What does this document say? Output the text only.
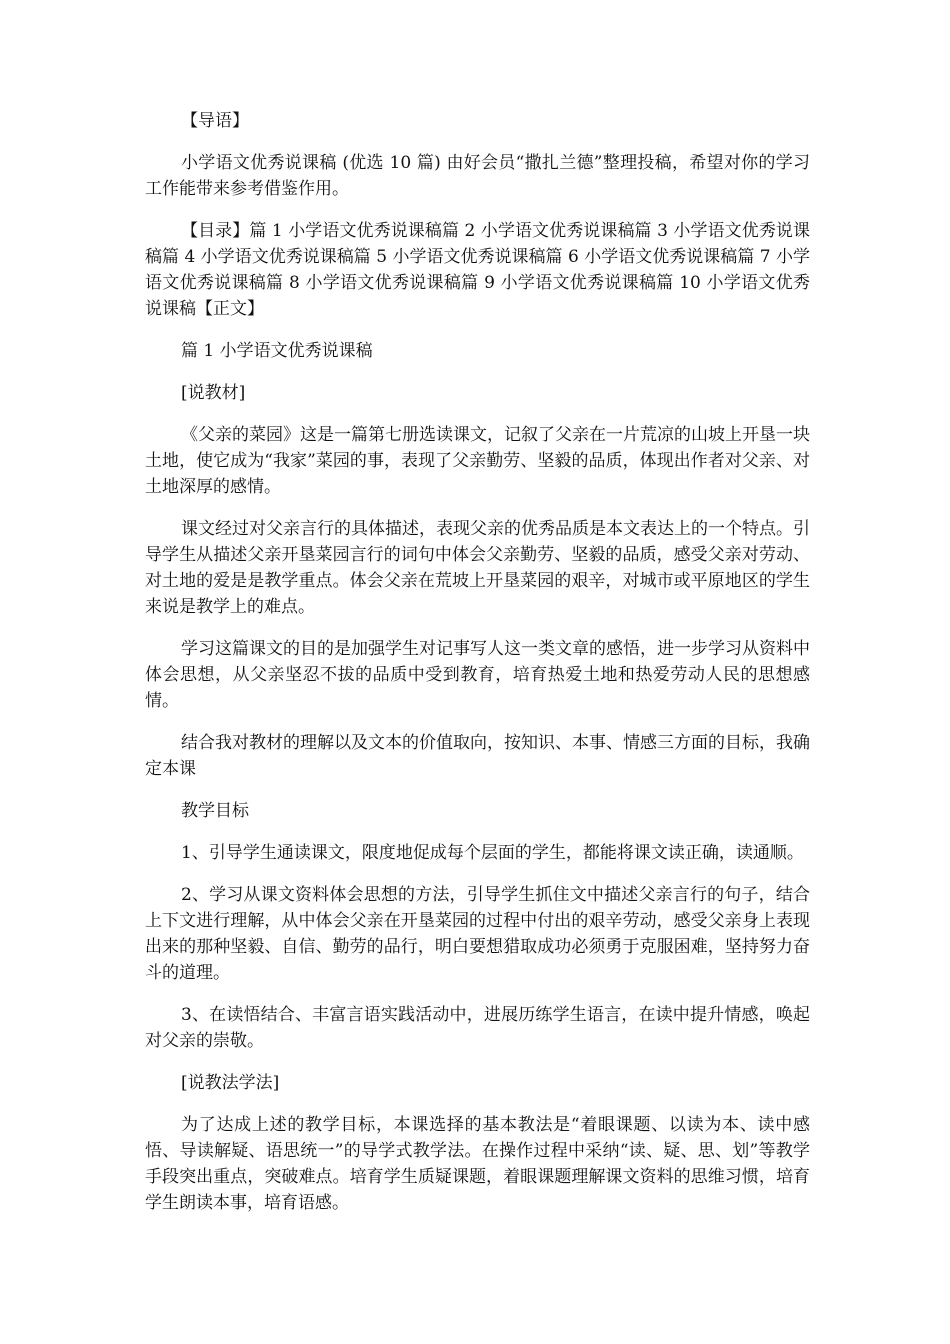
【导语】

小学语文优秀说课稿 (优选 10 篇) 由好会员“撒扎兰德”整理投稿，希望对你的学习工作能带来参考借鉴作用。

【目录】篇 1 小学语文优秀说课稿篇 2 小学语文优秀说课稿篇 3 小学语文优秀说课稿篇 4 小学语文优秀说课稿篇 5 小学语文优秀说课稿篇 6 小学语文优秀说课稿篇 7 小学语文优秀说课稿篇 8 小学语文优秀说课稿篇 9 小学语文优秀说课稿篇 10 小学语文优秀说课稿【正文】

篇 1 小学语文优秀说课稿

[说教材]

《父亲的菜园》这是一篇第七册选读课文，记叙了父亲在一片荒凉的山坡上开垦一块土地，使它成为“我家”菜园的事，表现了父亲勤劳、坚毅的品质，体现出作者对父亲、对土地深厚的感情。

课文经过对父亲言行的具体描述，表现父亲的优秀品质是本文表达上的一个特点。引导学生从描述父亲开垦菜园言行的词句中体会父亲勤劳、坚毅的品质，感受父亲对劳动、对土地的爱是是教学重点。体会父亲在荒坡上开垦菜园的艰辛，对城市或平原地区的学生来说是教学上的难点。

学习这篇课文的目的是加强学生对记事写人这一类文章的感悟，进一步学习从资料中体会思想，从父亲坚忍不拔的品质中受到教育，培育热爱土地和热爱劳动人民的思想感情。

结合我对教材的理解以及文本的价值取向，按知识、本事、情感三方面的目标，我确定本课

教学目标

1、引导学生通读课文，限度地促成每个层面的学生，都能将课文读正确，读通顺。

2、学习从课文资料体会思想的方法，引导学生抓住文中描述父亲言行的句子，结合上下文进行理解，从中体会父亲在开垦菜园的过程中付出的艰辛劳动，感受父亲身上表现出来的那种坚毅、自信、勤劳的品行，明白要想猎取成功必须勇于克服困难，坚持努力奋斗的道理。

3、在读悟结合、丰富言语实践活动中，进展历练学生语言，在读中提升情感，唤起对父亲的崇敬。

[说教法学法]

为了达成上述的教学目标，本课选择的基本教法是“着眼课题、以读为本、读中感悟、导读解疑、语思统一”的导学式教学法。在操作过程中采纳“读、疑、思、划”等教学手段突出重点，突破难点。培育学生质疑课题，着眼课题理解课文资料的思维习惯，培育学生朗读本事，培育语感。
